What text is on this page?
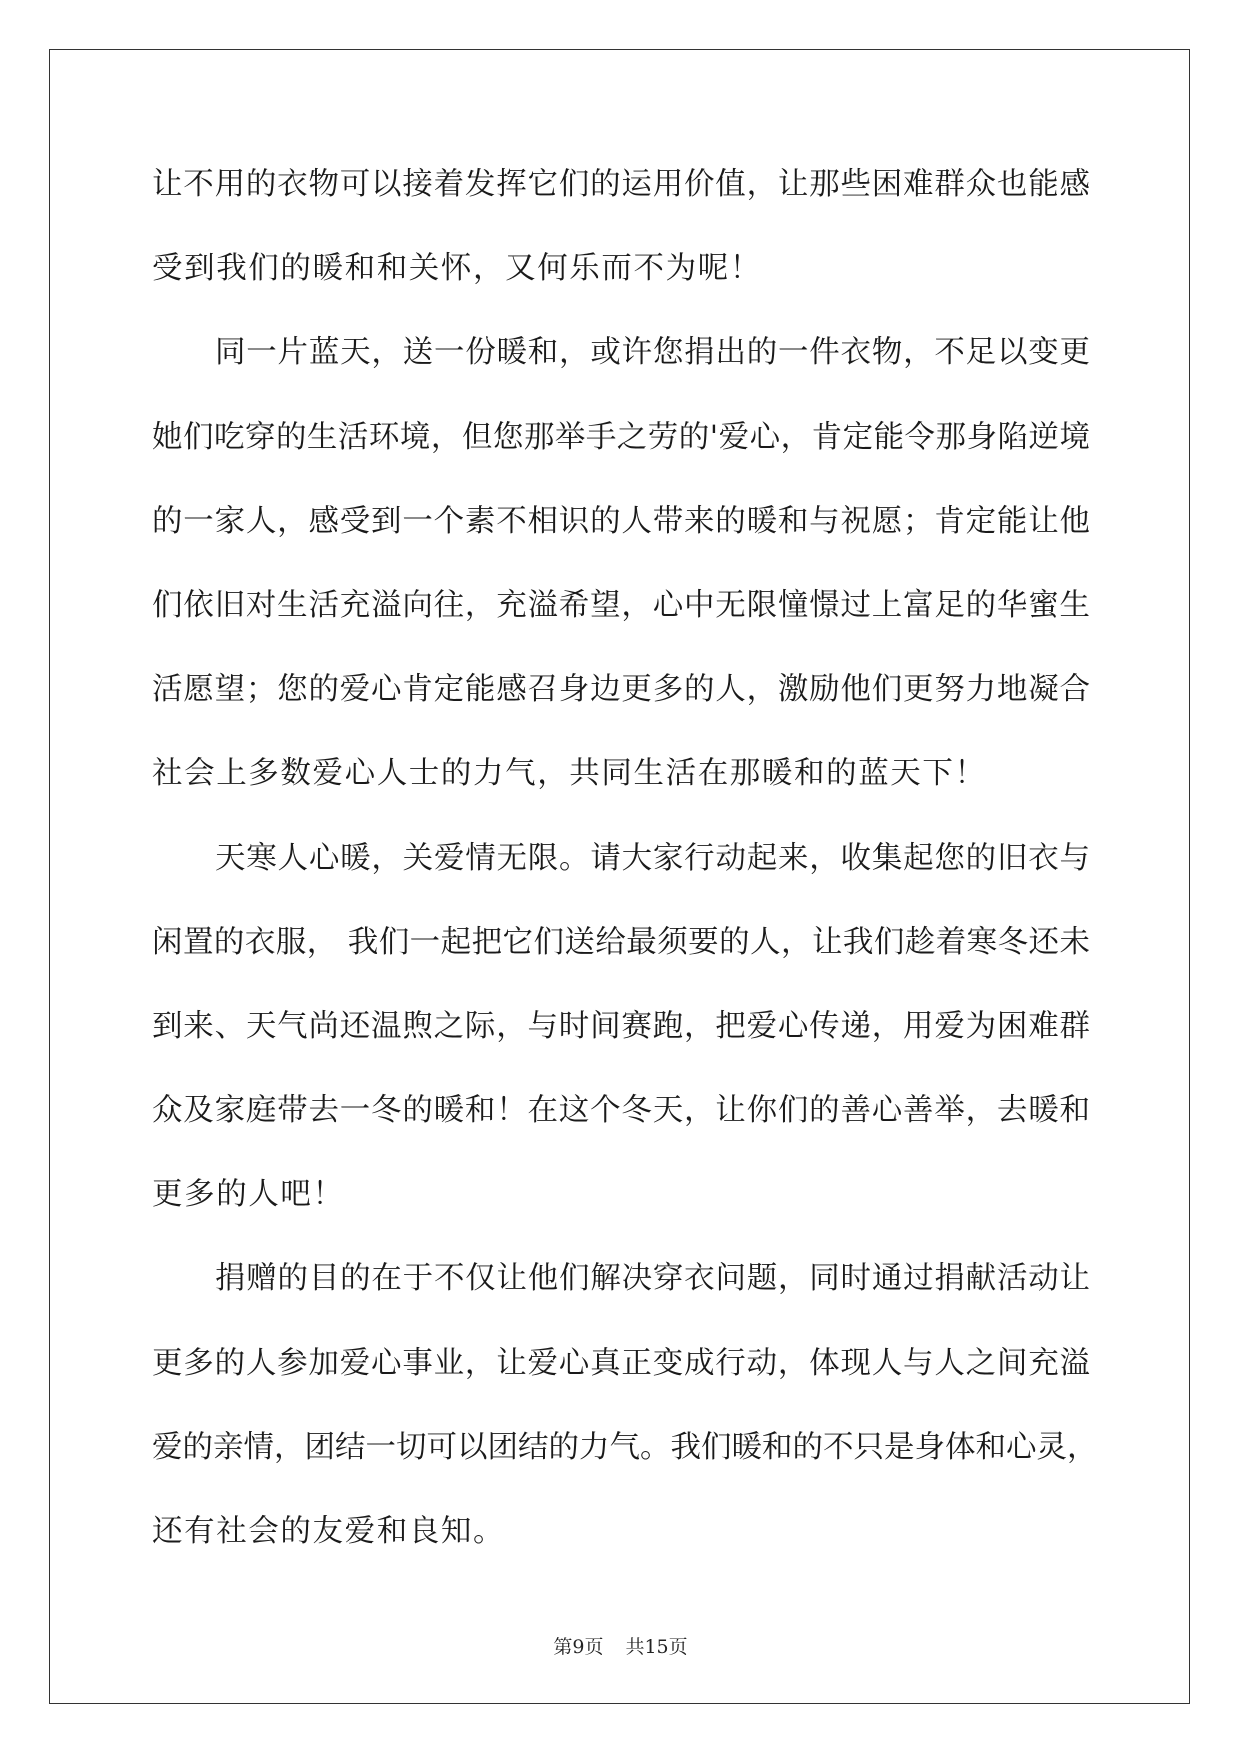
让不用的衣物可以接着发挥它们的运用价值，让那些困难群众也能感
受到我们的暖和和关怀，又何乐而不为呢！
同一片蓝天，送一份暖和，或许您捐出的一件衣物，不足以变更
她们吃穿的生活环境，但您那举手之劳的'爱心，肯定能令那身陷逆境
的一家人，感受到一个素不相识的人带来的暖和与祝愿；肯定能让他
们依旧对生活充溢向往，充溢希望，心中无限憧憬过上富足的华蜜生
活愿望；您的爱心肯定能感召身边更多的人，激励他们更努力地凝合
社会上多数爱心人士的力气，共同生活在那暖和的蓝天下！
天寒人心暖，关爱情无限。请大家行动起来，收集起您的旧衣与
闲置的衣服， 我们一起把它们送给最须要的人，让我们趁着寒冬还未
到来、天气尚还温煦之际，与时间赛跑，把爱心传递，用爱为困难群
众及家庭带去一冬的暖和！在这个冬天，让你们的善心善举，去暖和
更多的人吧！
捐赠的目的在于不仅让他们解决穿衣问题，同时通过捐献活动让
更多的人参加爱心事业，让爱心真正变成行动，体现人与人之间充溢
爱的亲情，团结一切可以团结的力气。我们暖和的不只是身体和心灵，
还有社会的友爱和良知。
第9页 共15页
